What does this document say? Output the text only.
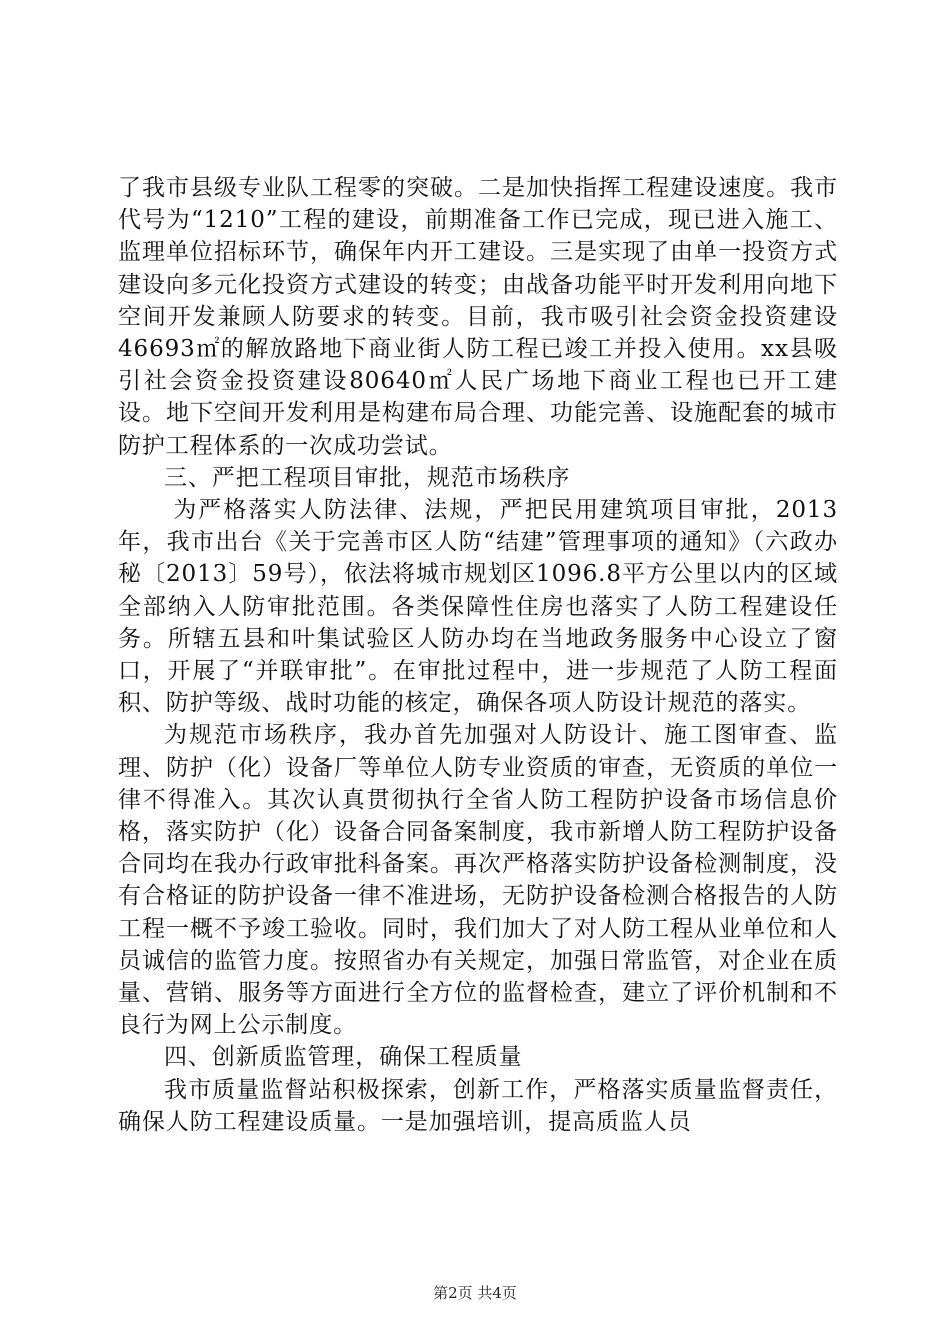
了我市县级专业队工程零的突破。二是加快指挥工程建设速度。我市代号为“1210”工程的建设，前期准备工作已完成，现已进入施工、监理单位招标环节，确保年内开工建设。三是实现了由单一投资方式建设向多元化投资方式建设的转变；由战备功能平时开发利用向地下空间开发兼顾人防要求的转变。目前，我市吸引社会资金投资建设46693㎡的解放路地下商业街人防工程已竣工并投入使用。xx县吸引社会资金投资建设80640㎡人民广场地下商业工程也已开工建设。地下空间开发利用是构建布局合理、功能完善、设施配套的城市防护工程体系的一次成功尝试。

三、严把工程项目审批，规范市场秩序

为严格落实人防法律、法规，严把民用建筑项目审批，2013年，我市出台《关于完善市区人防“结建”管理事项的通知》（六政办秘〔2013〕59号），依法将城市规划区1096.8平方公里以内的区域全部纳入人防审批范围。各类保障性住房也落实了人防工程建设任务。所辖五县和叶集试验区人防办均在当地政务服务中心设立了窗口，开展了“并联审批”。在审批过程中，进一步规范了人防工程面积、防护等级、战时功能的核定，确保各项人防设计规范的落实。

为规范市场秩序，我办首先加强对人防设计、施工图审查、监理、防护（化）设备厂等单位人防专业资质的审查，无资质的单位一律不得准入。其次认真贯彻执行全省人防工程防护设备市场信息价格，落实防护（化）设备合同备案制度，我市新增人防工程防护设备合同均在我办行政审批科备案。再次严格落实防护设备检测制度，没有合格证的防护设备一律不准进场，无防护设备检测合格报告的人防工程一概不予竣工验收。同时，我们加大了对人防工程从业单位和人员诚信的监管力度。按照省办有关规定，加强日常监管，对企业在质量、营销、服务等方面进行全方位的监督检查，建立了评价机制和不良行为网上公示制度。

四、创新质监管理，确保工程质量

我市质量监督站积极探索，创新工作，严格落实质量监督责任，确保人防工程建设质量。一是加强培训，提高质监人员

第2页 共4页
